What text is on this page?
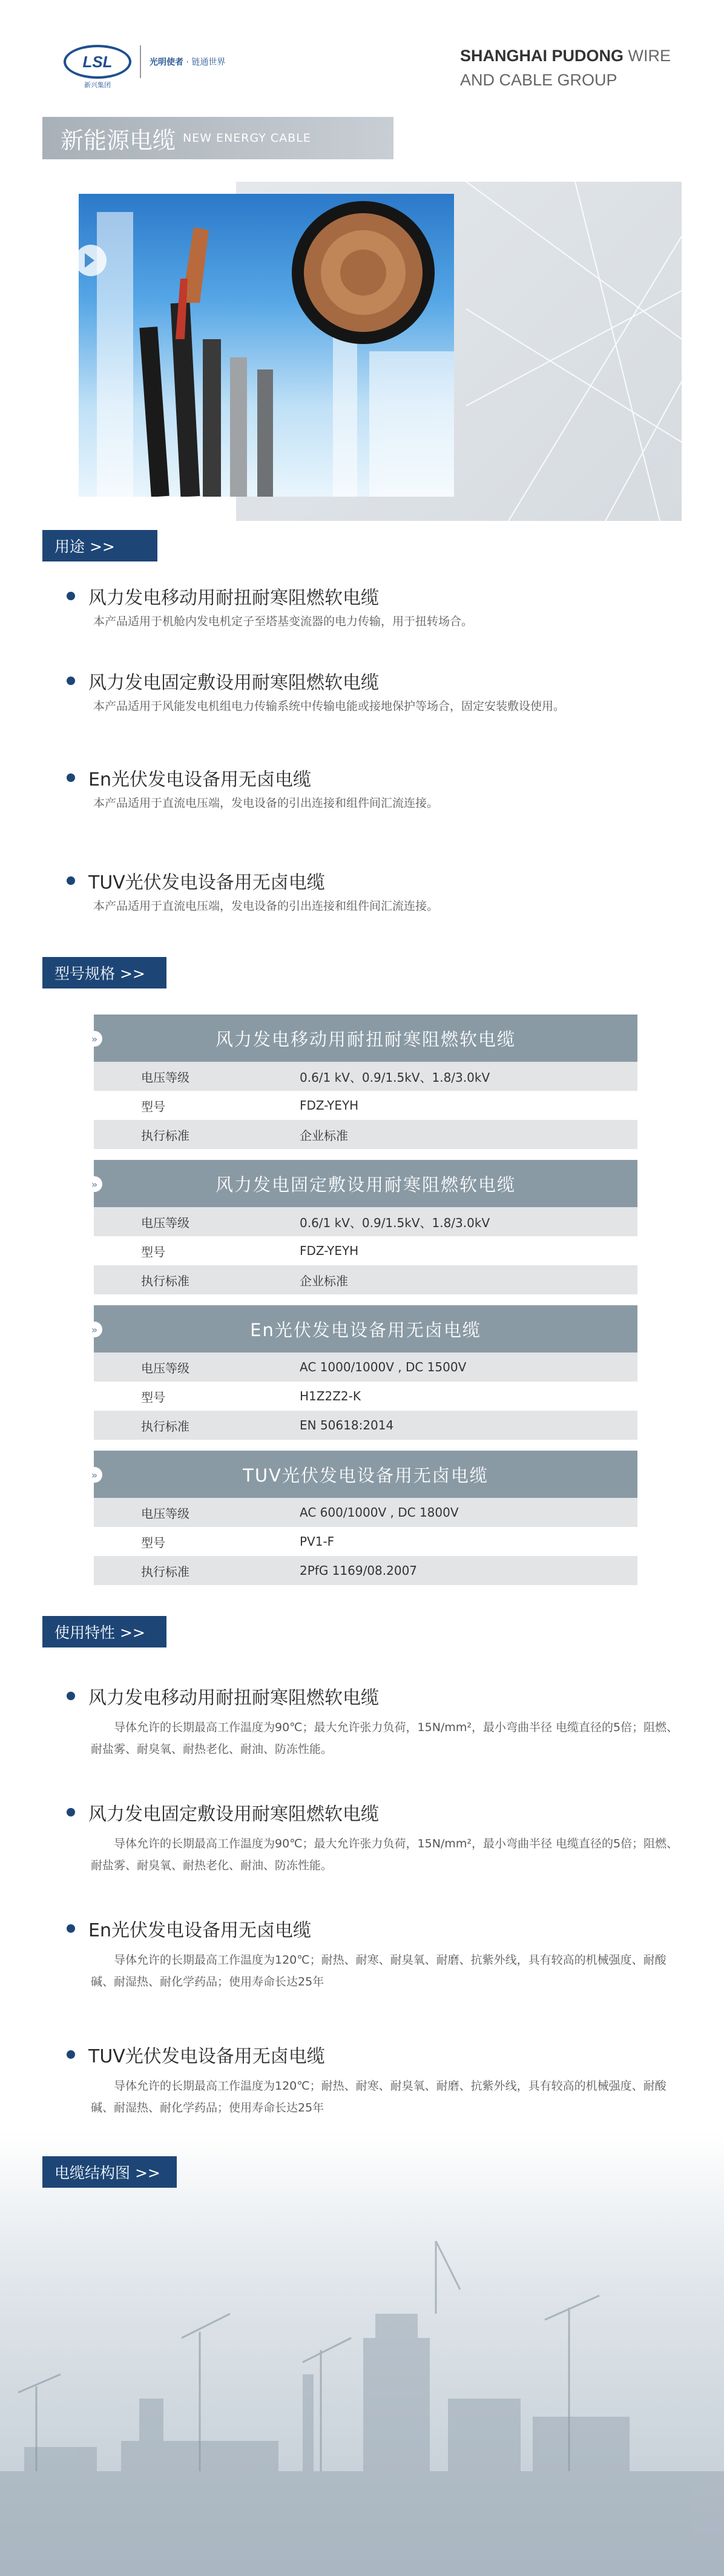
LSL
新兴集团
光明使者 · 链通世界	SHANGHAI PUDONG WIRE
AND CABLE GROUP
新能源电缆 NEW ENERGY CABLE
用途 >>
风力发电移动用耐扭耐寒阻燃软电缆
本产品适用于机舱内发电机定子至塔基变流器的电力传输，用于扭转场合。
风力发电固定敷设用耐寒阻燃软电缆
本产品适用于风能发电机组电力传输系统中传输电能或接地保护等场合，固定安装敷设使用。
En光伏发电设备用无卤电缆
本产品适用于直流电压端，发电设备的引出连接和组件间汇流连接。
TUV光伏发电设备用无卤电缆
本产品适用于直流电压端，发电设备的引出连接和组件间汇流连接。
型号规格 >>
»	风力发电移动用耐扭耐寒阻燃软电缆
电压等级	0.6/1 kV、0.9/1.5kV、1.8/3.0kV
型号	FDZ-YEYH
执行标准	企业标准
»	风力发电固定敷设用耐寒阻燃软电缆
电压等级	0.6/1 kV、0.9/1.5kV、1.8/3.0kV
型号	FDZ-YEYH
执行标准	企业标准
»	En光伏发电设备用无卤电缆
电压等级	AC 1000/1000V , DC 1500V
型号	H1Z2Z2-K
执行标准	EN 50618:2014
»	TUV光伏发电设备用无卤电缆
电压等级	AC 600/1000V , DC 1800V
型号	PV1-F
执行标准	2PfG 1169/08.2007
使用特性 >>
风力发电移动用耐扭耐寒阻燃软电缆
导体允许的长期最高工作温度为90℃；最大允许张力负荷，15N/mm²，最小弯曲半径 电缆直径的5倍；阻燃、耐盐雾、耐臭氧、耐热老化、耐油、防冻性能。
风力发电固定敷设用耐寒阻燃软电缆
导体允许的长期最高工作温度为90℃；最大允许张力负荷，15N/mm²，最小弯曲半径 电缆直径的5倍；阻燃、耐盐雾、耐臭氧、耐热老化、耐油、防冻性能。
En光伏发电设备用无卤电缆
导体允许的长期最高工作温度为120℃；耐热、耐寒、耐臭氧、耐磨、抗紫外线，具有较高的机械强度、耐酸碱、耐湿热、耐化学药品；使用寿命长达25年
TUV光伏发电设备用无卤电缆
导体允许的长期最高工作温度为120℃；耐热、耐寒、耐臭氧、耐磨、抗紫外线，具有较高的机械强度、耐酸碱、耐湿热、耐化学药品；使用寿命长达25年
电缆结构图 >>
